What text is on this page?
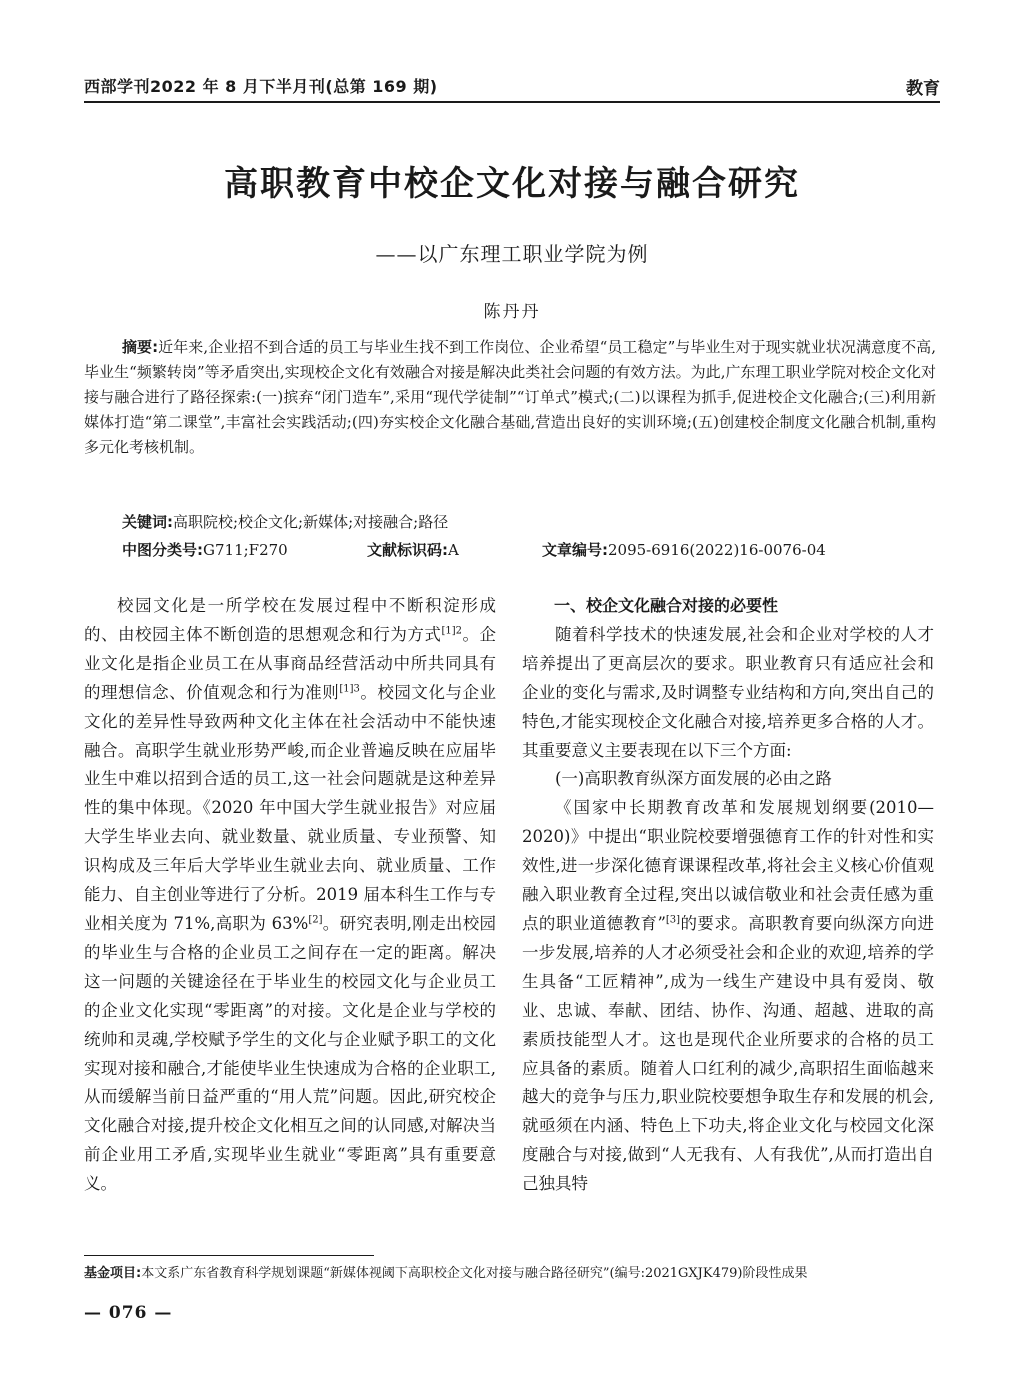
西部学刊2022 年 8 月下半月刊(总第 169 期)	教育
高职教育中校企文化对接与融合研究
——以广东理工职业学院为例
陈丹丹
摘要:近年来,企业招不到合适的员工与毕业生找不到工作岗位、企业希望“员工稳定”与毕业生对于现实就业状况满意度不高,毕业生“频繁转岗”等矛盾突出,实现校企文化有效融合对接是解决此类社会问题的有效方法。为此,广东理工职业学院对校企文化对接与融合进行了路径探索:(一)摈弃“闭门造车”,采用“现代学徒制”“订单式”模式;(二)以课程为抓手,促进校企文化融合;(三)利用新媒体打造“第二课堂”,丰富社会实践活动;(四)夯实校企文化融合基础,营造出良好的实训环境;(五)创建校企制度文化融合机制,重构多元化考核机制。
关键词:高职院校;校企文化;新媒体;对接融合;路径
中图分类号:G711;F270	文献标识码:A	文章编号:2095-6916(2022)16-0076-04

校园文化是一所学校在发展过程中不断积淀形成的、由校园主体不断创造的思想观念和行为方式$^{[1]2}$。企业文化是指企业员工在从事商品经营活动中所共同具有的理想信念、价值观念和行为准则$^{[1]3}$。校园文化与企业文化的差异性导致两种文化主体在社会活动中不能快速融合。高职学生就业形势严峻,而企业普遍反映在应届毕业生中难以招到合适的员工,这一社会问题就是这种差异性的集中体现。《2020 年中国大学生就业报告》对应届大学生毕业去向、就业数量、就业质量、专业预警、知识构成及三年后大学毕业生就业去向、就业质量、工作能力、自主创业等进行了分析。2019 届本科生工作与专业相关度为 71%,高职为 63%[2]。研究表明,刚走出校园的毕业生与合格的企业员工之间存在一定的距离。解决这一问题的关键途径在于毕业生的校园文化与企业员工的企业文化实现“零距离”的对接。文化是企业与学校的统帅和灵魂,学校赋予学生的文化与企业赋予职工的文化实现对接和融合,才能使毕业生快速成为合格的企业职工,从而缓解当前日益严重的“用人荒”问题。因此,研究校企文化融合对接,提升校企文化相互之间的认同感,对解决当前企业用工矛盾,实现毕业生就业“零距离”具有重要意义。

一、校企文化融合对接的必要性

随着科学技术的快速发展,社会和企业对学校的人才培养提出了更高层次的要求。职业教育只有适应社会和企业的变化与需求,及时调整专业结构和方向,突出自己的特色,才能实现校企文化融合对接,培养更多合格的人才。其重要意义主要表现在以下三个方面:

(一)高职教育纵深方面发展的必由之路

《国家中长期教育改革和发展规划纲要(2010—2020)》中提出“职业院校要增强德育工作的针对性和实效性,进一步深化德育课课程改革,将社会主义核心价值观融入职业教育全过程,突出以诚信敬业和社会责任感为重点的职业道德教育”[3]的要求。高职教育要向纵深方向进一步发展,培养的人才必须受社会和企业的欢迎,培养的学生具备“工匠精神”,成为一线生产建设中具有爱岗、敬业、忠诚、奉献、团结、协作、沟通、超越、进取的高素质技能型人才。这也是现代企业所要求的合格的员工应具备的素质。随着人口红利的减少,高职招生面临越来越大的竞争与压力,职业院校要想争取生存和发展的机会,就亟须在内涵、特色上下功夫,将企业文化与校园文化深度融合与对接,做到“人无我有、人有我优”,从而打造出自己独具特

基金项目:本文系广东省教育科学规划课题“新媒体视阈下高职校企文化对接与融合路径研究”(编号:2021GXJK479)阶段性成果
— 076 —
